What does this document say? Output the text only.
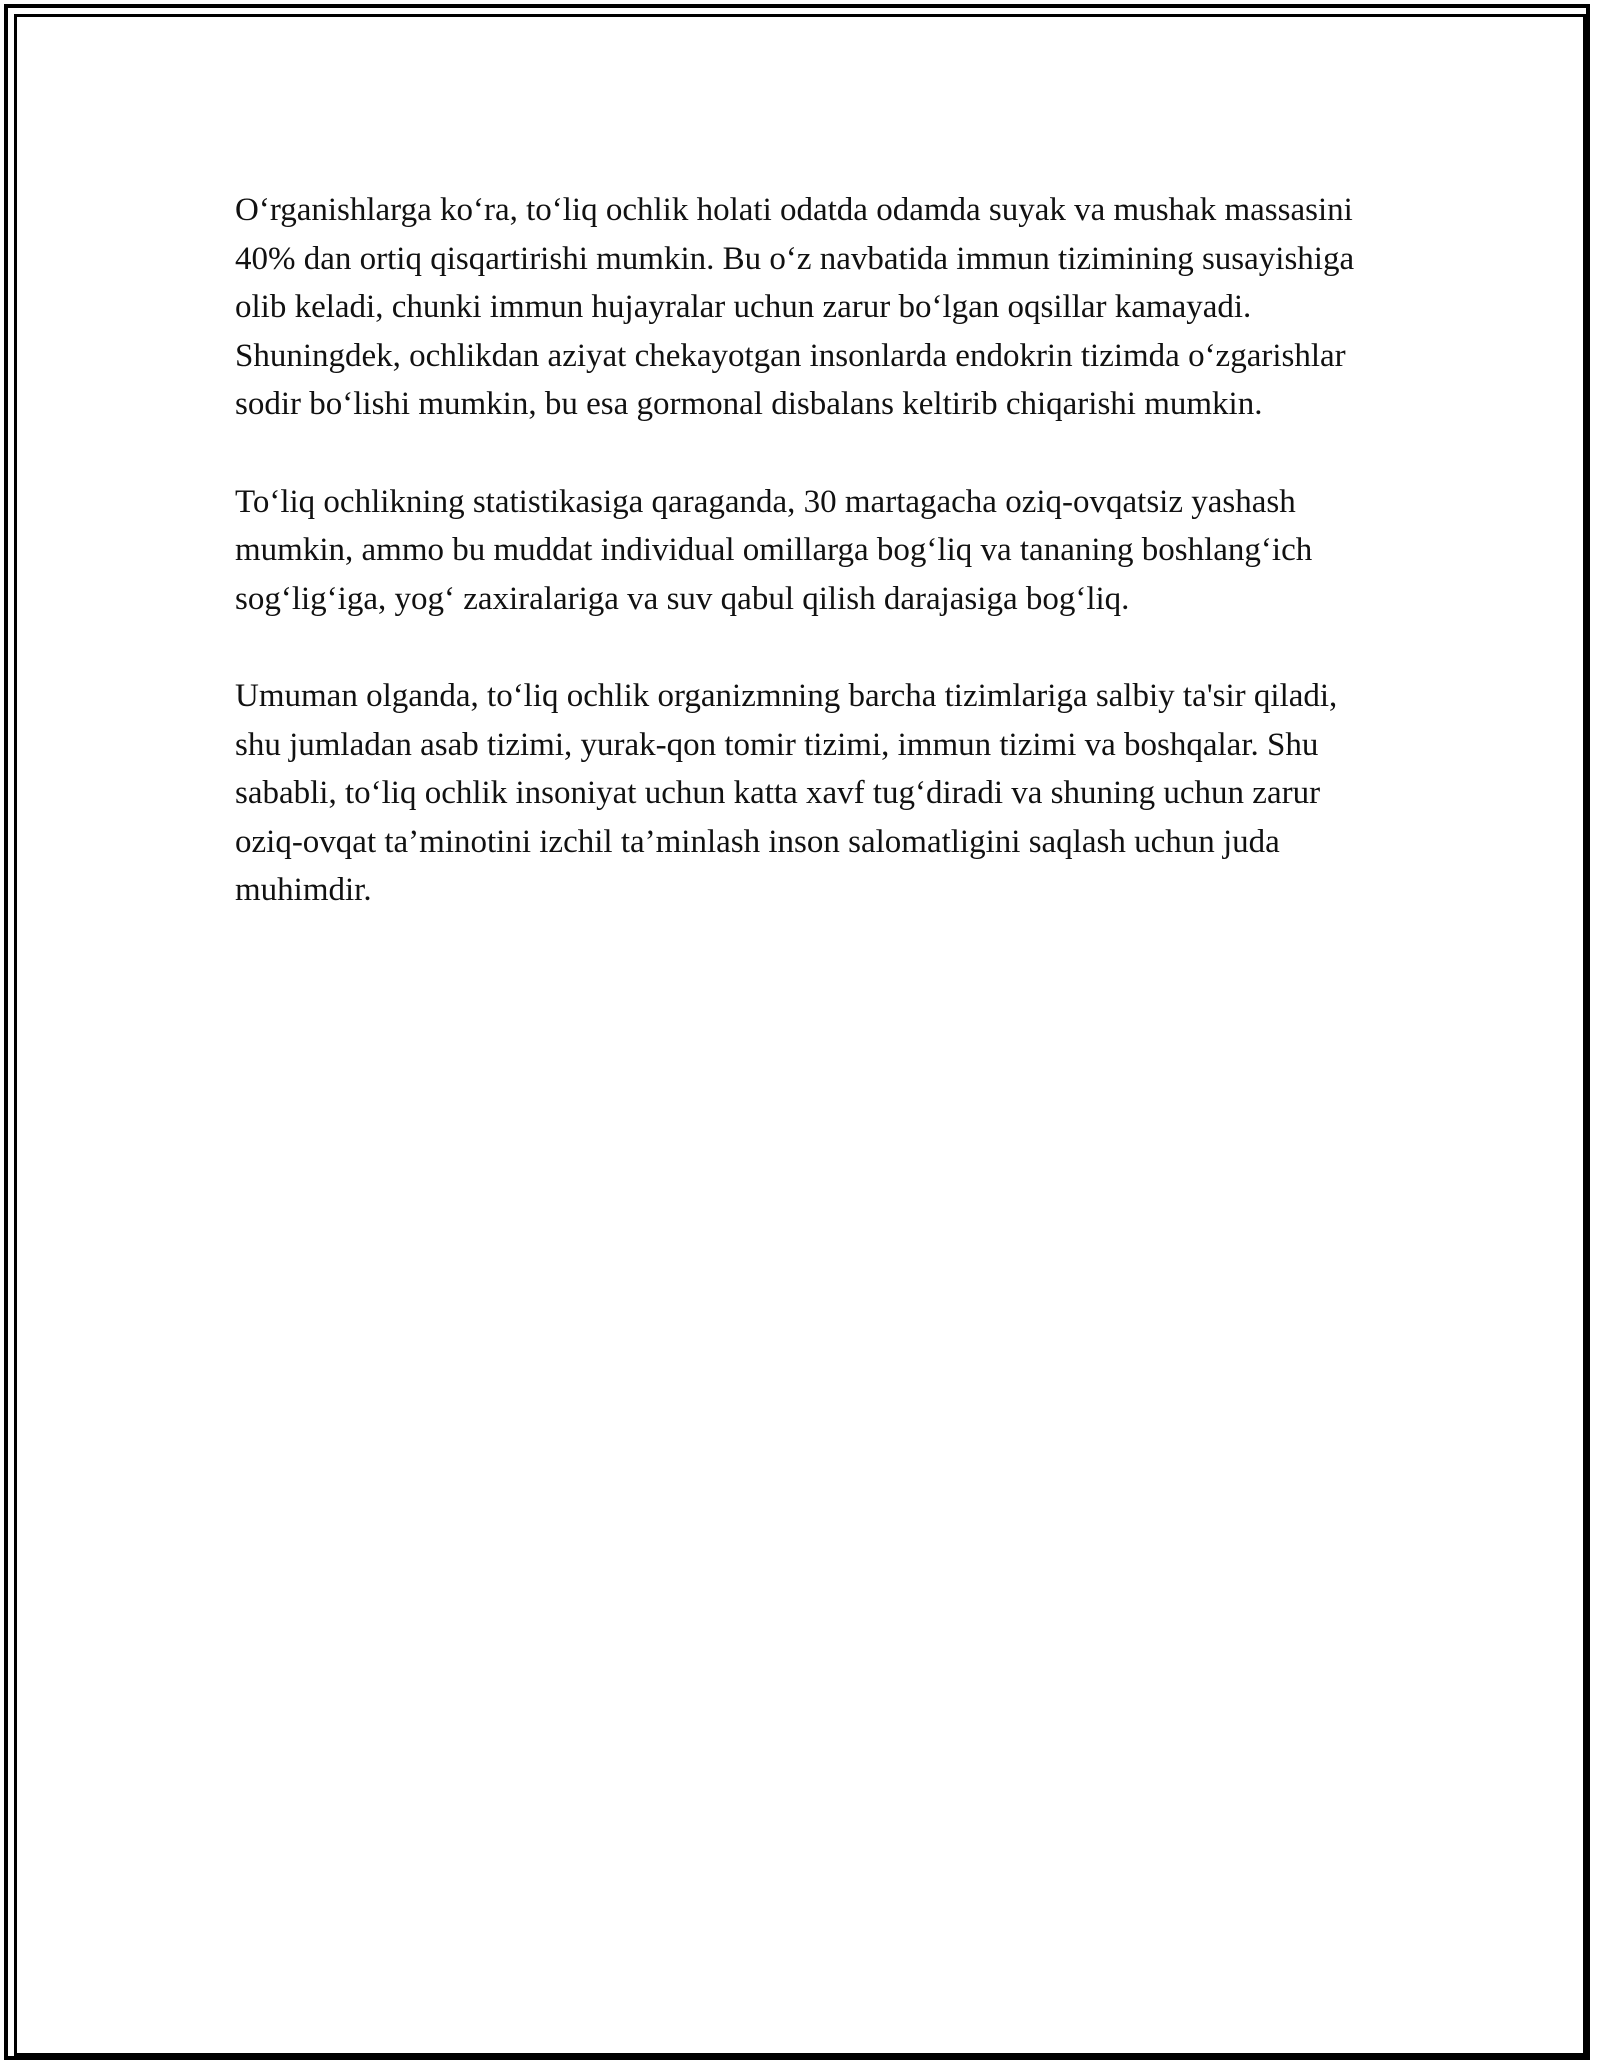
O‘rganishlarga ko‘ra, to‘liq ochlik holati odatda odamda suyak va mushak massasini 40% dan ortiq qisqartirishi mumkin. Bu o‘z navbatida immun tizimining susayishiga olib keladi, chunki immun hujayralar uchun zarur bo‘lgan oqsillar kamayadi. Shuningdek, ochlikdan aziyat chekayotgan insonlarda endokrin tizimda o‘zgarishlar sodir bo‘lishi mumkin, bu esa gormonal disbalans keltirib chiqarishi mumkin.

To‘liq ochlikning statistikasiga qaraganda, 30 martagacha oziq-ovqatsiz yashash mumkin, ammo bu muddat individual omillarga bog‘liq va tananing boshlang‘ich sog‘lig‘iga, yog‘ zaxiralariga va suv qabul qilish darajasiga bog‘liq.

Umuman olganda, to‘liq ochlik organizmning barcha tizimlariga salbiy ta'sir qiladi, shu jumladan asab tizimi, yurak-qon tomir tizimi, immun tizimi va boshqalar. Shu sababli, to‘liq ochlik insoniyat uchun katta xavf tug‘diradi va shuning uchun zarur oziq-ovqat ta’minotini izchil ta’minlash inson salomatligini saqlash uchun juda muhimdir.
